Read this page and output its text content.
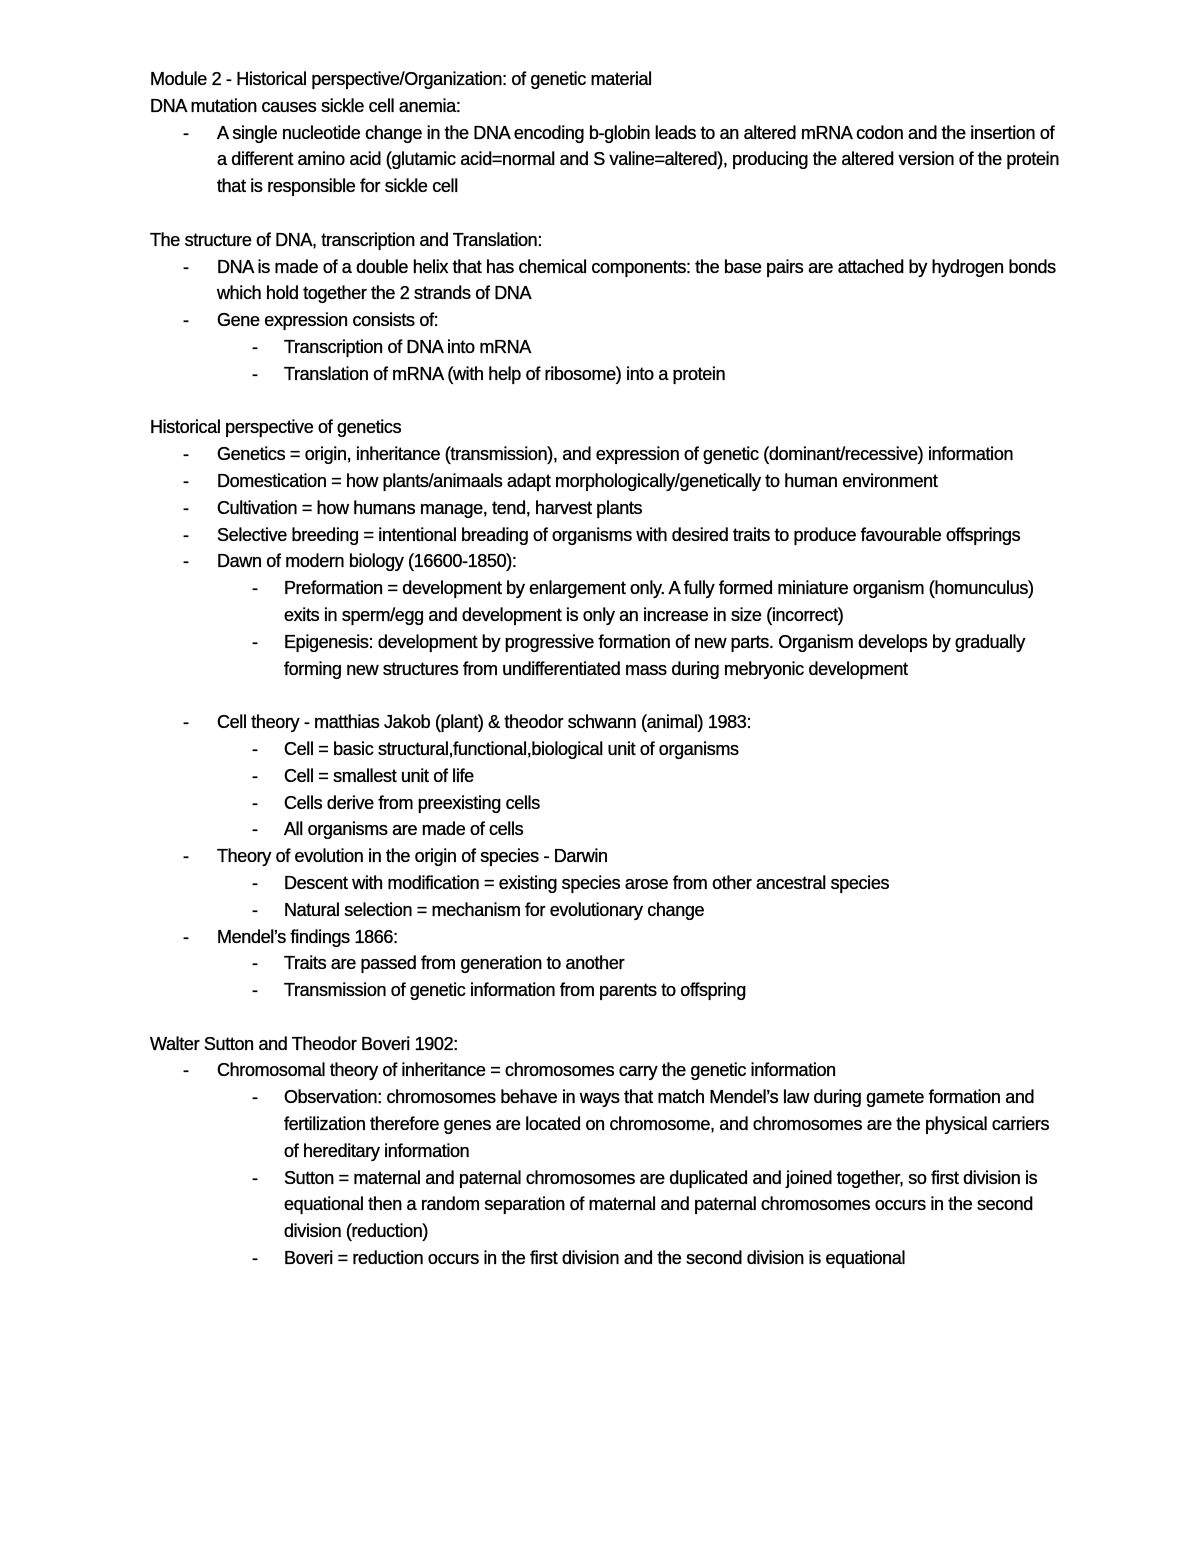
Module 2 - Historical perspective/Organization: of genetic material

DNA mutation causes sickle cell anemia:

- A single nucleotide change in the DNA encoding b-globin leads to an altered mRNA codon and the insertion of a different amino acid (glutamic acid=normal and S valine=altered), producing the altered version of the protein that is responsible for sickle cell

The structure of DNA, transcription and Translation:

- DNA is made of a double helix that has chemical components: the base pairs are attached by hydrogen bonds which hold together the 2 strands of DNA
- Gene expression consists of:
- Transcription of DNA into mRNA
- Translation of mRNA (with help of ribosome) into a protein

Historical perspective of genetics

- Genetics = origin, inheritance (transmission), and expression of genetic (dominant/recessive) information
- Domestication = how plants/animaals adapt morphologically/genetically to human environment
- Cultivation = how humans manage, tend, harvest plants
- Selective breeding = intentional breading of organisms with desired traits to produce favourable offsprings
- Dawn of modern biology (16600-1850):
- Preformation = development by enlargement only. A fully formed miniature organism (homunculus) exits in sperm/egg and development is only an increase in size (incorrect)
- Epigenesis: development by progressive formation of new parts. Organism develops by gradually forming new structures from undifferentiated mass during mebryonic development
- Cell theory - matthias Jakob (plant) & theodor schwann (animal) 1983:
- Cell = basic structural,functional,biological unit of organisms
- Cell = smallest unit of life
- Cells derive from preexisting cells
- All organisms are made of cells
- Theory of evolution in the origin of species - Darwin
- Descent with modification = existing species arose from other ancestral species
- Natural selection = mechanism for evolutionary change
- Mendel’s findings 1866:
- Traits are passed from generation to another
- Transmission of genetic information from parents to offspring

Walter Sutton and Theodor Boveri 1902:

- Chromosomal theory of inheritance = chromosomes carry the genetic information
- Observation: chromosomes behave in ways that match Mendel’s law during gamete formation and fertilization therefore genes are located on chromosome, and chromosomes are the physical carriers of hereditary information
- Sutton = maternal and paternal chromosomes are duplicated and joined together, so first division is equational then a random separation of maternal and paternal chromosomes occurs in the second division (reduction)
- Boveri = reduction occurs in the first division and the second division is equational
